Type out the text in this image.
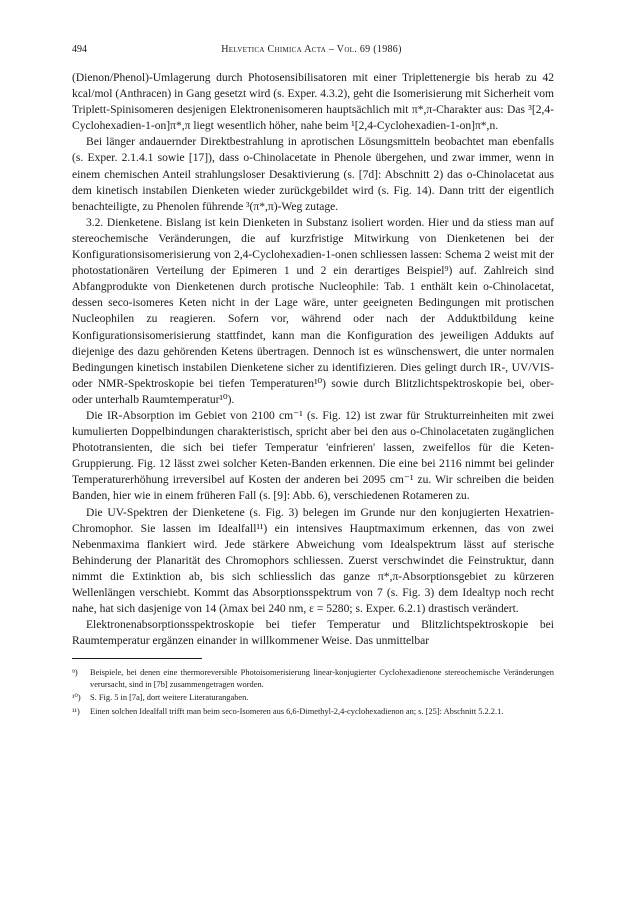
494	Helvetica Chimica Acta – Vol. 69 (1986)

(Dienon/Phenol)-Umlagerung durch Photosensibilisatoren mit einer Triplettenergie bis herab zu 42 kcal/mol (Anthracen) in Gang gesetzt wird (s. Exper. 4.3.2), geht die Isomerisierung mit Sicherheit vom Triplett-Spinisomeren desjenigen Elektronenisomeren hauptsächlich mit π*,π-Charakter aus: Das ³[2,4-Cyclohexadien-1-on]π*,π liegt wesentlich höher, nahe beim ¹[2,4-Cyclohexadien-1-on]π*,n.

Bei länger andauernder Direktbestrahlung in aprotischen Lösungsmitteln beobachtet man ebenfalls (s. Exper. 2.1.4.1 sowie [17]), dass o-Chinolacetate in Phenole übergehen, und zwar immer, wenn in einem chemischen Anteil strahlungsloser Desaktivierung (s. [7d]: Abschnitt 2) das o-Chinolacetat aus dem kinetisch instabilen Dienketen wieder zurückgebildet wird (s. Fig. 14). Dann tritt der eigentlich benachteiligte, zu Phenolen führende ³(π*,π)-Weg zutage.

3.2. Dienketene. Bislang ist kein Dienketen in Substanz isoliert worden. Hier und da stiess man auf stereochemische Veränderungen, die auf kurzfristige Mitwirkung von Dienketenen bei der Konfigurationsisomerisierung von 2,4-Cyclohexadien-1-onen schliessen lassen: Schema 2 weist mit der photostationären Verteilung der Epimeren 1 und 2 ein derartiges Beispiel⁹) auf. Zahlreich sind Abfangprodukte von Dienketenen durch protische Nucleophile: Tab. 1 enthält kein o-Chinolacetat, dessen seco-isomeres Keten nicht in der Lage wäre, unter geeigneten Bedingungen mit protischen Nucleophilen zu reagieren. Sofern vor, während oder nach der Adduktbildung keine Konfigurationsisomerisierung stattfindet, kann man die Konfiguration des jeweiligen Addukts auf diejenige des dazu gehörenden Ketens übertragen. Dennoch ist es wünschenswert, die unter normalen Bedingungen kinetisch instabilen Dienketene sicher zu identifizieren. Dies gelingt durch IR-, UV/VIS- oder NMR-Spektroskopie bei tiefen Temperaturen¹⁰) sowie durch Blitzlichtspektroskopie bei, ober- oder unterhalb Raumtemperatur¹⁰).

Die IR-Absorption im Gebiet von 2100 cm⁻¹ (s. Fig. 12) ist zwar für Strukturreinheiten mit zwei kumulierten Doppelbindungen charakteristisch, spricht aber bei den aus o-Chinolacetaten zugänglichen Phototransienten, die sich bei tiefer Temperatur 'einfrieren' lassen, zweifellos für die Keten-Gruppierung. Fig. 12 lässt zwei solcher Keten-Banden erkennen. Die eine bei 2116 nimmt bei gelinder Temperaturerhöhung irreversibel auf Kosten der anderen bei 2095 cm⁻¹ zu. Wir schreiben die beiden Banden, hier wie in einem früheren Fall (s. [9]: Abb. 6), verschiedenen Rotameren zu.

Die UV-Spektren der Dienketene (s. Fig. 3) belegen im Grunde nur den konjugierten Hexatrien-Chromophor. Sie lassen im Idealfall¹¹) ein intensives Hauptmaximum erkennen, das von zwei Nebenmaxima flankiert wird. Jede stärkere Abweichung vom Idealspektrum lässt auf sterische Behinderung der Planarität des Chromophors schliessen. Zuerst verschwindet die Feinstruktur, dann nimmt die Extinktion ab, bis sich schliesslich das ganze π*,π-Absorptionsgebiet zu kürzeren Wellenlängen verschiebt. Kommt das Absorptionsspektrum von 7 (s. Fig. 3) dem Idealtyp noch recht nahe, hat sich dasjenige von 14 (λmax bei 240 nm, ε = 5280; s. Exper. 6.2.1) drastisch verändert.

Elektronenabsorptionsspektroskopie bei tiefer Temperatur und Blitzlichtspektroskopie bei Raumtemperatur ergänzen einander in willkommener Weise. Das unmittelbar

⁹)	Beispiele, bei denen eine thermoreversible Photoisomerisierung linear-konjugierter Cyclohexadienone stereochemische Veränderungen verursacht, sind in [7b] zusammengetragen worden.
¹⁰)	S. Fig. 5 in [7a], dort weitere Literaturangaben.
¹¹)	Einen solchen Idealfall trifft man beim seco-Isomeren aus 6,6-Dimethyl-2,4-cyclohexadienon an; s. [25]: Abschnitt 5.2.2.1.
